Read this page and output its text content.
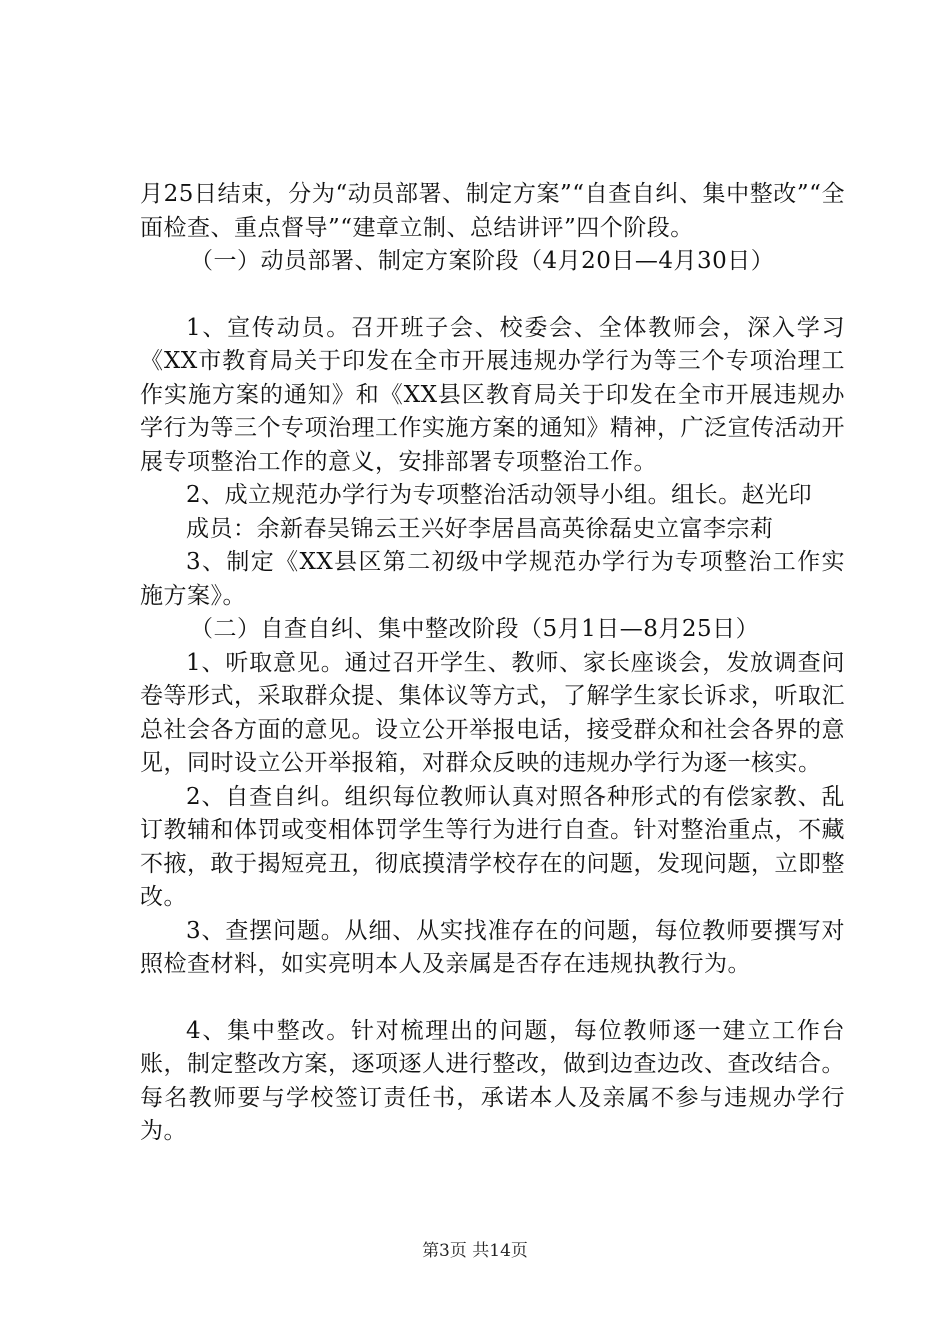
月25日结束，分为“动员部署、制定方案”“自查自纠、集中整改”“全面检查、重点督导”“建章立制、总结讲评”四个阶段。

（一）动员部署、制定方案阶段（4月20日—4月30日）

1、宣传动员。召开班子会、校委会、全体教师会，深入学习《XX市教育局关于印发在全市开展违规办学行为等三个专项治理工作实施方案的通知》和《XX县区教育局关于印发在全市开展违规办学行为等三个专项治理工作实施方案的通知》精神，广泛宣传活动开展专项整治工作的意义，安排部署专项整治工作。

2、成立规范办学行为专项整治活动领导小组。组长。赵光印

成员：余新春吴锦云王兴好李居昌高英徐磊史立富李宗莉

3、制定《XX县区第二初级中学规范办学行为专项整治工作实施方案》。

（二）自查自纠、集中整改阶段（5月1日—8月25日）

1、听取意见。通过召开学生、教师、家长座谈会，发放调查问卷等形式，采取群众提、集体议等方式，了解学生家长诉求，听取汇总社会各方面的意见。设立公开举报电话，接受群众和社会各界的意见，同时设立公开举报箱，对群众反映的违规办学行为逐一核实。

2、自查自纠。组织每位教师认真对照各种形式的有偿家教、乱订教辅和体罚或变相体罚学生等行为进行自查。针对整治重点，不藏不掖，敢于揭短亮丑，彻底摸清学校存在的问题，发现问题，立即整改。

3、查摆问题。从细、从实找准存在的问题，每位教师要撰写对照检查材料，如实亮明本人及亲属是否存在违规执教行为。

4、集中整改。针对梳理出的问题，每位教师逐一建立工作台账，制定整改方案，逐项逐人进行整改，做到边查边改、查改结合。每名教师要与学校签订责任书，承诺本人及亲属不参与违规办学行为。

第3页 共14页
